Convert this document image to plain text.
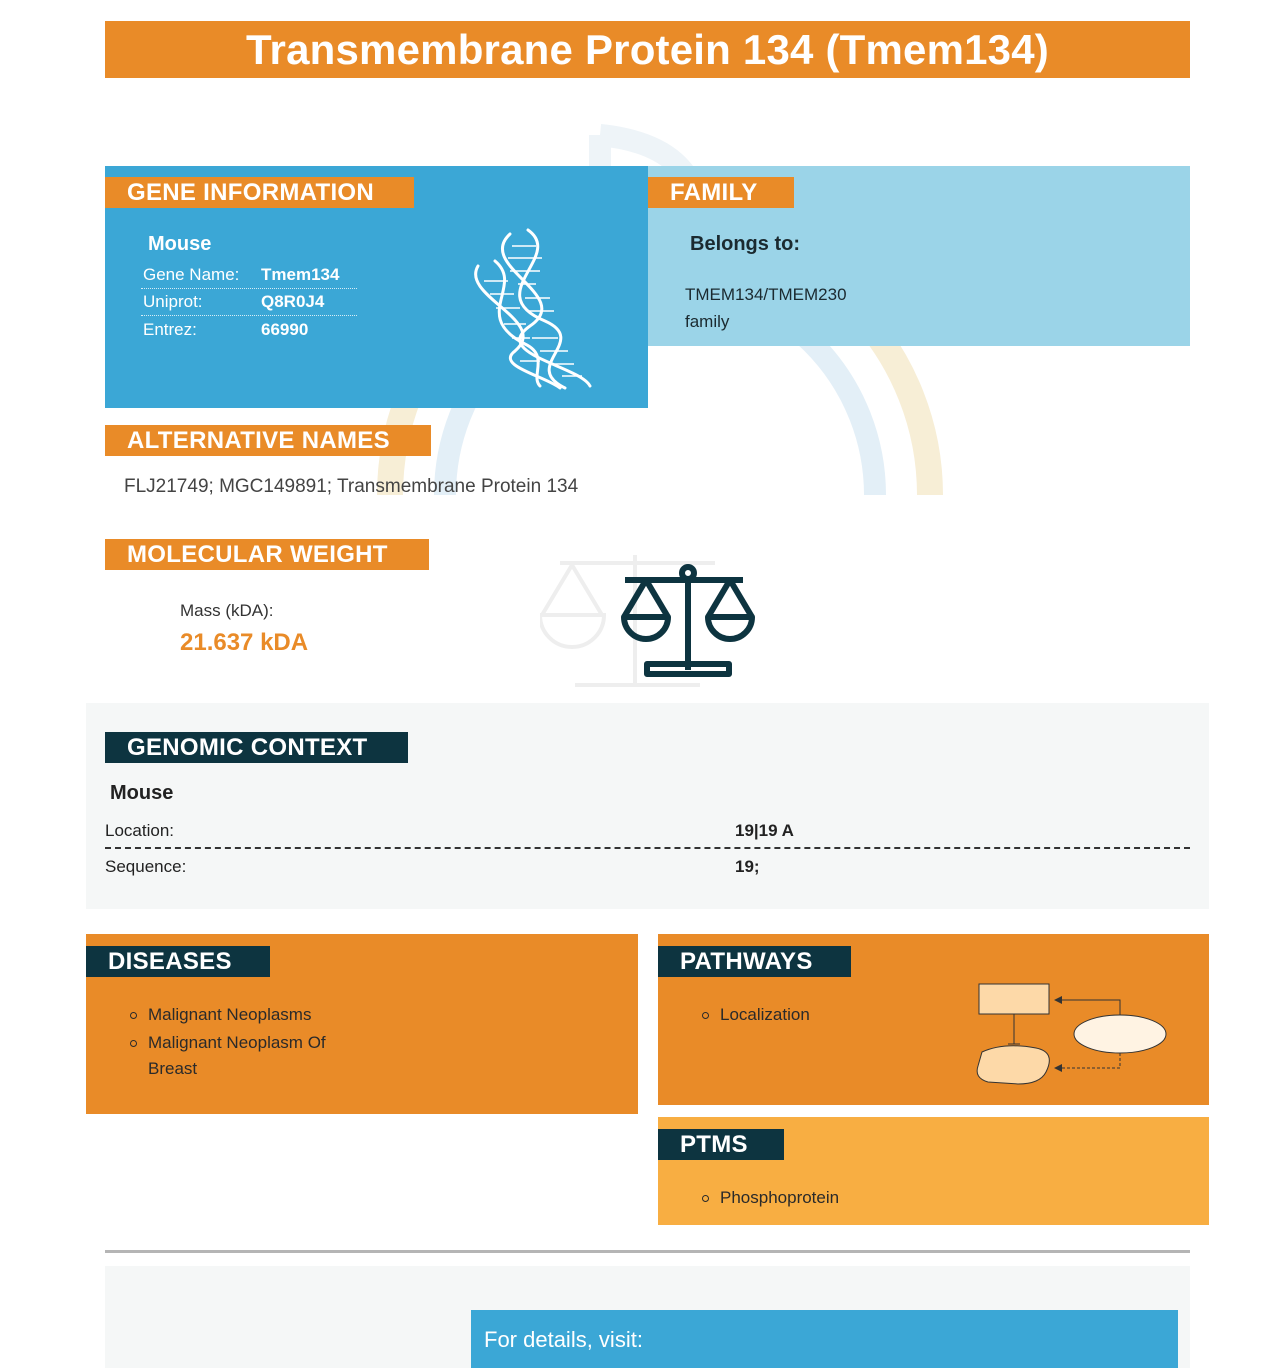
Transmembrane Protein 134 (Tmem134)
GENE INFORMATION
Mouse
Gene Name:	Tmem134
Uniprot:	Q8R0J4
Entrez:	66990
FAMILY
Belongs to:
TMEM134/TMEM230 family
ALTERNATIVE NAMES
FLJ21749; MGC149891; Transmembrane Protein 134
MOLECULAR WEIGHT
Mass (kDA):
21.637 kDA
GENOMIC CONTEXT
Mouse
Location:	19|19 A
Sequence:	19;
DISEASES
Malignant Neoplasms
Malignant Neoplasm Of Breast
PATHWAYS
Localization
PTMS
Phosphoprotein
For details, visit:
